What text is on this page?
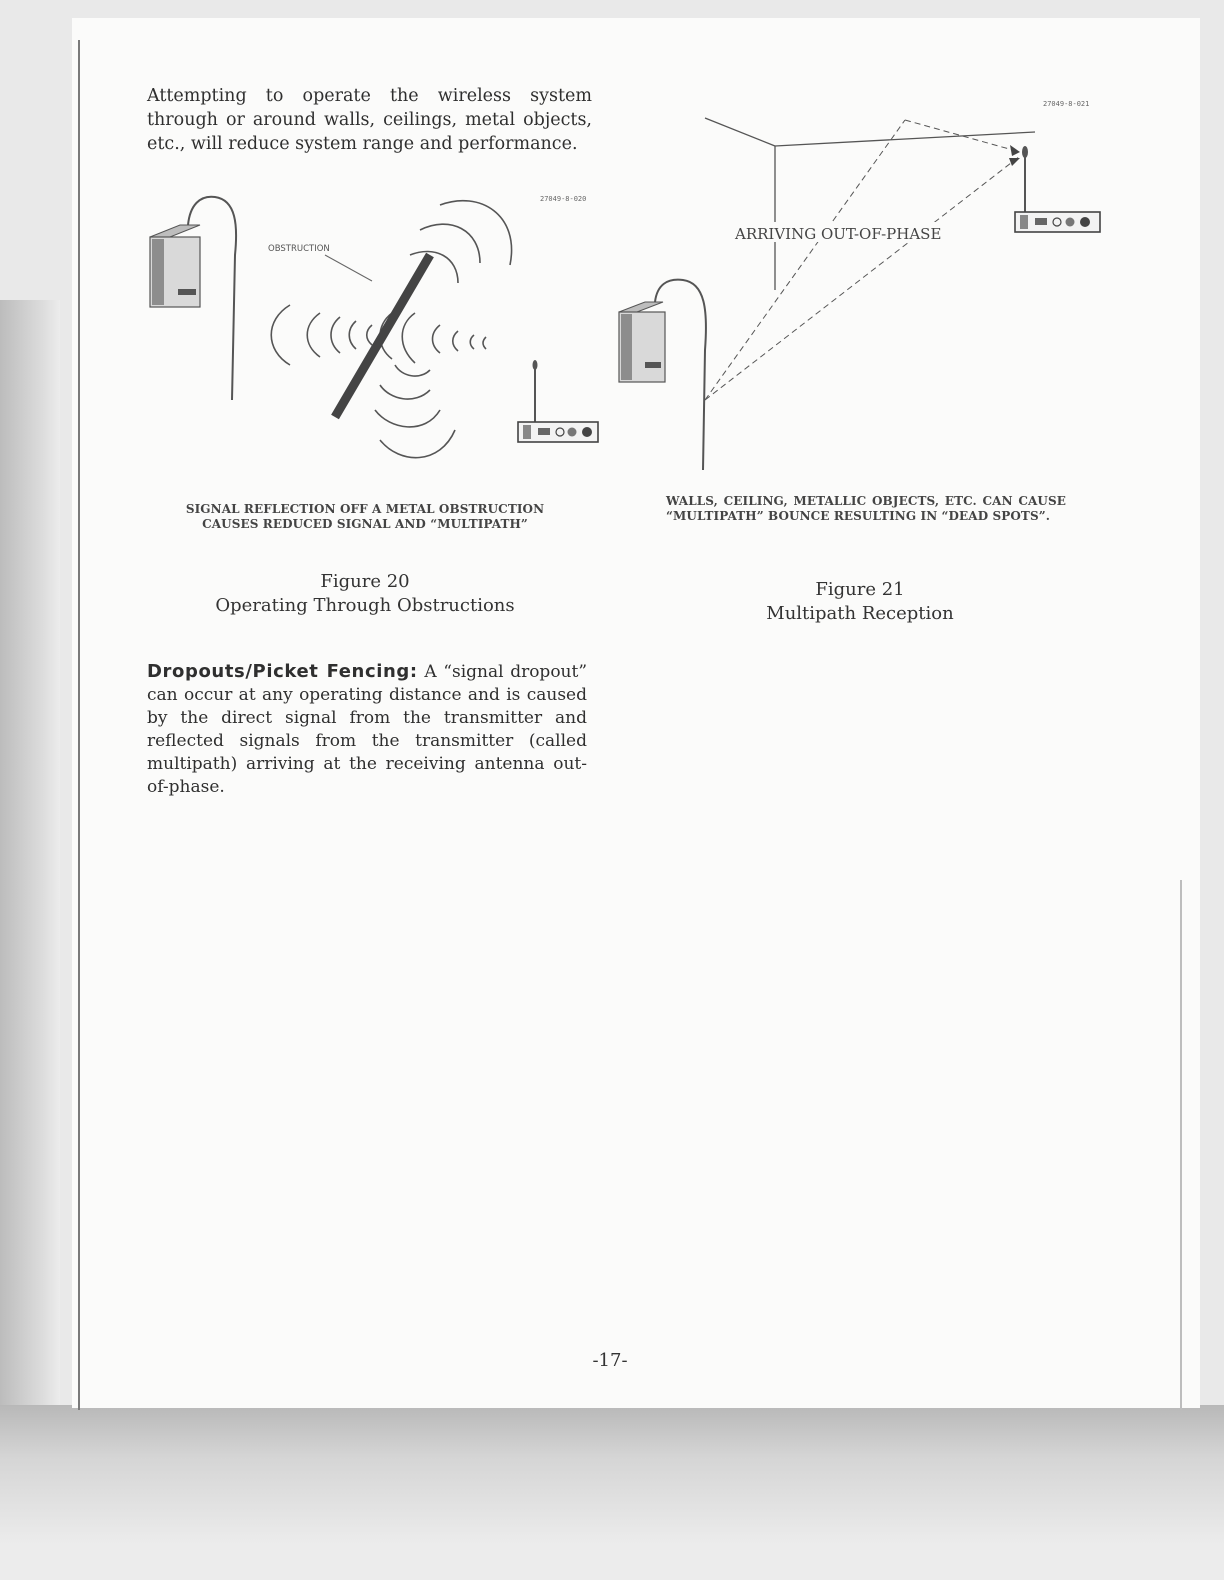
Attempting to operate the wireless system
through or around walls, ceilings, metal objects,
etc., will reduce system range and performance.
27049-8-020
OBSTRUCTION
27049-8-021
ARRIVING OUT-OF-PHASE
SIGNAL REFLECTION OFF A METAL OBSTRUCTION
CAUSES REDUCED SIGNAL AND “MULTIPATH”
WALLS, CEILING, METALLIC OBJECTS, ETC. CAN CAUSE “MULTIPATH” BOUNCE RESULTING IN “DEAD SPOTS”.
Figure 20
Operating Through Obstructions
Figure 21
Multipath Reception
Dropouts/Picket Fencing: A “signal dropout” can occur at any operating distance and is caused by the direct signal from the transmitter and reflected signals from the transmitter (called multipath) arriving at the receiving antenna out-of-phase.
-17-
